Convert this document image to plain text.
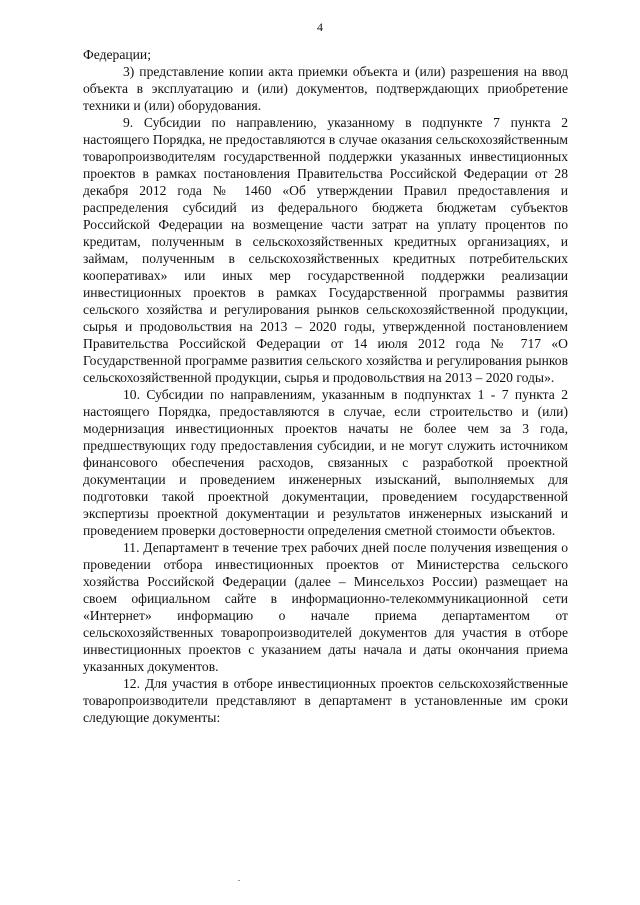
4

Федерации;

3) представление копии акта приемки объекта и (или) разрешения на ввод объекта в эксплуатацию и (или) документов, подтверждающих приобретение техники и (или) оборудования.

9. Субсидии по направлению, указанному в подпункте 7 пункта 2 настоящего Порядка, не предоставляются в случае оказания сельскохозяйственным товаропроизводителям государственной поддержки указанных инвестиционных проектов в рамках постановления Правительства Российской Федерации от 28 декабря 2012 года № 1460 «Об утверждении Правил предоставления и распределения субсидий из федерального бюджета бюджетам субъектов Российской Федерации на возмещение части затрат на уплату процентов по кредитам, полученным в сельскохозяйственных кредитных организациях, и займам, полученным в сельскохозяйственных кредитных потребительских кооперативах» или иных мер государственной поддержки реализации инвестиционных проектов в рамках Государственной программы развития сельского хозяйства и регулирования рынков сельскохозяйственной продукции, сырья и продовольствия на 2013 – 2020 годы, утвержденной постановлением Правительства Российской Федерации от 14 июля 2012 года № 717 «О Государственной программе развития сельского хозяйства и регулирования рынков сельскохозяйственной продукции, сырья и продовольствия на 2013 – 2020 годы».

10. Субсидии по направлениям, указанным в подпунктах 1 - 7 пункта 2 настоящего Порядка, предоставляются в случае, если строительство и (или) модернизация инвестиционных проектов начаты не более чем за 3 года, предшествующих году предоставления субсидии, и не могут служить источником финансового обеспечения расходов, связанных с разработкой проектной документации и проведением инженерных изысканий, выполняемых для подготовки такой проектной документации, проведением государственной экспертизы проектной документации и результатов инженерных изысканий и проведением проверки достоверности определения сметной стоимости объектов.

11. Департамент в течение трех рабочих дней после получения извещения о проведении отбора инвестиционных проектов от Министерства сельского хозяйства Российской Федерации (далее – Минсельхоз России) размещает на своем официальном сайте в информационно-телекоммуникационной сети «Интернет» информацию о начале приема департаментом от сельскохозяйственных товаропроизводителей документов для участия в отборе инвестиционных проектов с указанием даты начала и даты окончания приема указанных документов.

12. Для участия в отборе инвестиционных проектов сельскохозяйственные товаропроизводители представляют в департамент в установленные им сроки следующие документы:
